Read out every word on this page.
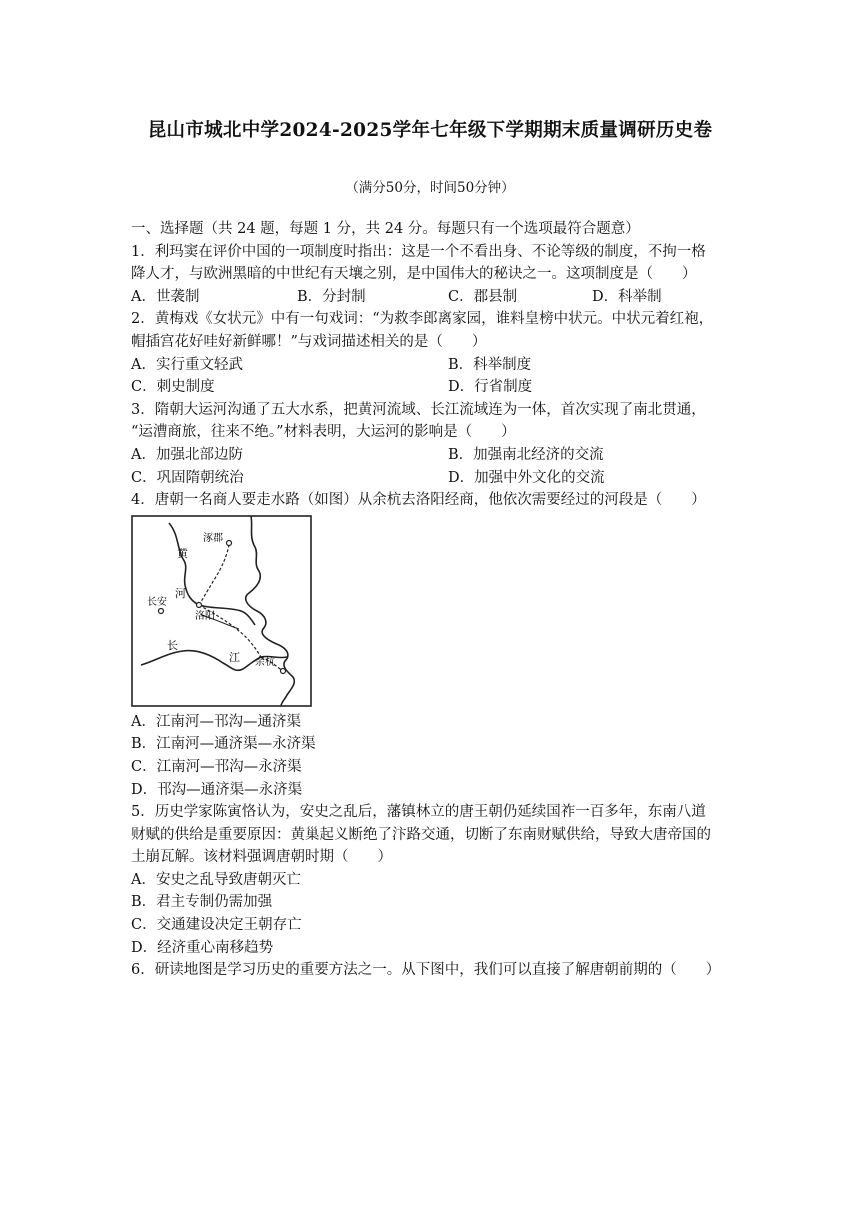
昆山市城北中学2024-2025学年七年级下学期期末质量调研历史卷
（满分50分，时间50分钟）
一、选择题（共 24 题，每题 1 分，共 24 分。每题只有一个选项最符合题意）
1．利玛窦在评价中国的一项制度时指出：这是一个不看出身、不论等级的制度，不拘一格
降人才，与欧洲黑暗的中世纪有天壤之别，是中国伟大的秘诀之一。这项制度是（　　）
A．世袭制	B．分封制	C．郡县制	D．科举制
2．黄梅戏《女状元》中有一句戏词：“为救李郎离家园，谁料皇榜中状元。中状元着红袍，
帽插宫花好哇好新鲜哪！”与戏词描述相关的是（　　）
A．实行重文轻武	B．科举制度
C．刺史制度	D．行省制度
3．隋朝大运河沟通了五大水系，把黄河流域、长江流域连为一体，首次实现了南北贯通，
“运漕商旅，往来不绝。”材料表明，大运河的影响是（　　）
A．加强北部边防	B．加强南北经济的交流
C．巩固隋朝统治	D．加强中外文化的交流
4．唐朝一名商人要走水路（如图）从余杭去洛阳经商，他依次需要经过的河段是（　　）
涿郡
长安
洛阳
余杭
黄
河
长
江
A．江南河—邗沟—通济渠
B．江南河—通济渠—永济渠
C．江南河—邗沟—永济渠
D．邗沟—通济渠—永济渠
5．历史学家陈寅恪认为，安史之乱后，藩镇林立的唐王朝仍延续国祚一百多年，东南八道
财赋的供给是重要原因：黄巢起义断绝了汴路交通，切断了东南财赋供给，导致大唐帝国的
土崩瓦解。该材料强调唐朝时期（　　）
A．安史之乱导致唐朝灭亡
B．君主专制仍需加强
C．交通建设决定王朝存亡
D．经济重心南移趋势
6．研读地图是学习历史的重要方法之一。从下图中，我们可以直接了解唐朝前期的（　　）
